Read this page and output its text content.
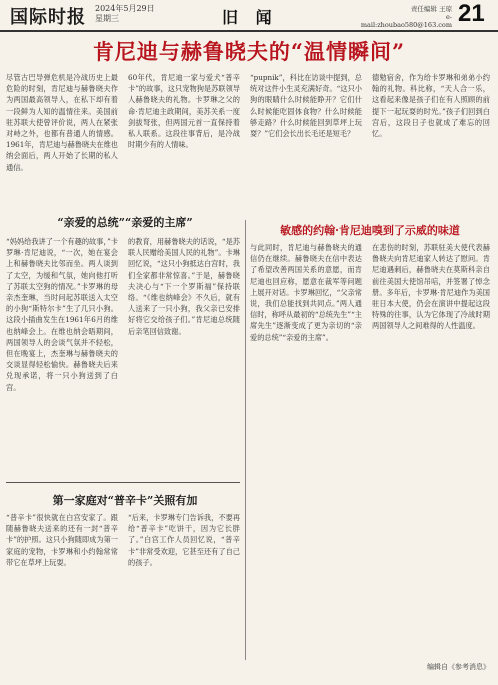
国际时报 2024年5月29日
星期三	旧 闻	责任编辑 王琼
e-mail:zhoubao580@163.com 21
肯尼迪与赫鲁晓夫的“温情瞬间”
尽管古巴导弹危机是冷战历史上最危险的时刻，肯尼迪与赫鲁晓夫作为两国最高领导人，在私下却有着一段鲜为人知的温情往来。美国前驻苏联大使曾评价说，两人在紧张对峙之外，也都有普通人的情感。1961年，肯尼迪与赫鲁晓夫在维也纳会面后，两人开始了长期的私人通信。
60年代，肯尼迪一家与爱犬“普辛卡”的故事，这只宠物狗是苏联领导人赫鲁晓夫的礼物。卡罗琳之父的命·肯尼迪主政期间，美苏关系一度剑拔弩张，但两国元首一直保持着私人联系。这段往事背后，是冷战时期少有的人情味。
“pupnik”，科比在访谈中提到，总统对这件小生灵充满好奇。“这只小狗的眼睛什么时候能睁开？它们什么时候能吃固体食物？什么时候能够走路？什么时候能回到草坪上玩耍？”它们会长出长毛还是短毛？
德勉宿舍，作为给卡罗琳和弟弟小约翰的礼物。科比称，“天人合一乐，这看起来像是孩子们在有人照顾的前提下一起玩耍的时光。”孩子们回到白宫后，这段日子也就成了难忘的回忆。
“亲爱的总统”“亲爱的主席”
敏感的约翰·肯尼迪嗅到了示威的味道
“妈妈给我讲了一个有趣的故事，”卡罗琳·肯尼迪说，“一次，她在宴会上和赫鲁晓夫比邻而坐。两人谈到了太空，为缓和气氛，她向他打听了苏联太空狗的情况。”卡罗琳的母亲杰奎琳，当时问起苏联送入太空的小狗“斯特尔卡”生了几只小狗。这段小插曲发生在1961年6月的维也纳峰会上。在维也纳会晤期间，两国领导人的会谈气氛并不轻松，但在晚宴上，杰奎琳与赫鲁晓夫的交谈显得轻松愉快。赫鲁晓夫后来兑现承诺，将一只小狗送到了白宫。
的教育，用赫鲁晓夫的话说，“是苏联人民赠给美国人民的礼物”。卡琳回忆说，“这只小狗抵达白宫时，我们全家都非常惊喜。”于是，赫鲁晓夫决心与“下一个罗斯福”保持联络。“《维也纳峰会》不久后，就有人送来了一只小狗，我父亲已安排好将它交给孩子们。”肯尼迪总统随后亲笔回信致谢。
与此同时，肯尼迪与赫鲁晓夫的通信仍在继续。赫鲁晓夫在信中表达了希望改善两国关系的意愿，而肯尼迪也回应称，愿意在裁军等问题上展开对话。卡罗琳回忆，“父亲常说，我们总能找到共同点。”两人通信时，称呼从最初的“总统先生”“主席先生”逐渐变成了更为亲切的“亲爱的总统”“亲爱的主席”。
在悲伤的时刻，苏联驻美大使代表赫鲁晓夫向肯尼迪家人转达了慰问。肯尼迪遇刺后，赫鲁晓夫在莫斯科亲自前往美国大使馆吊唁，并签署了悼念册。多年后，卡罗琳·肯尼迪作为美国驻日本大使，仍会在演讲中提起这段特殊的往事，认为它体现了冷战时期两国领导人之间难得的人性温度。
第一家庭对“普辛卡”关照有加
“普辛卡”很快就在白宫安家了。跟随赫鲁晓夫送来的还有一封“普辛卡”的护照。这只小狗随即成为第一家庭的宠物，卡罗琳和小约翰常常带它在草坪上玩耍。
“后来，卡罗琳专门告诉我，不要再给“普辛卡”吃饼干，因为它长胖了。”白宫工作人员回忆说，“普辛卡”非常受欢迎，它甚至还有了自己的孩子。
编辑自《参考消息》
